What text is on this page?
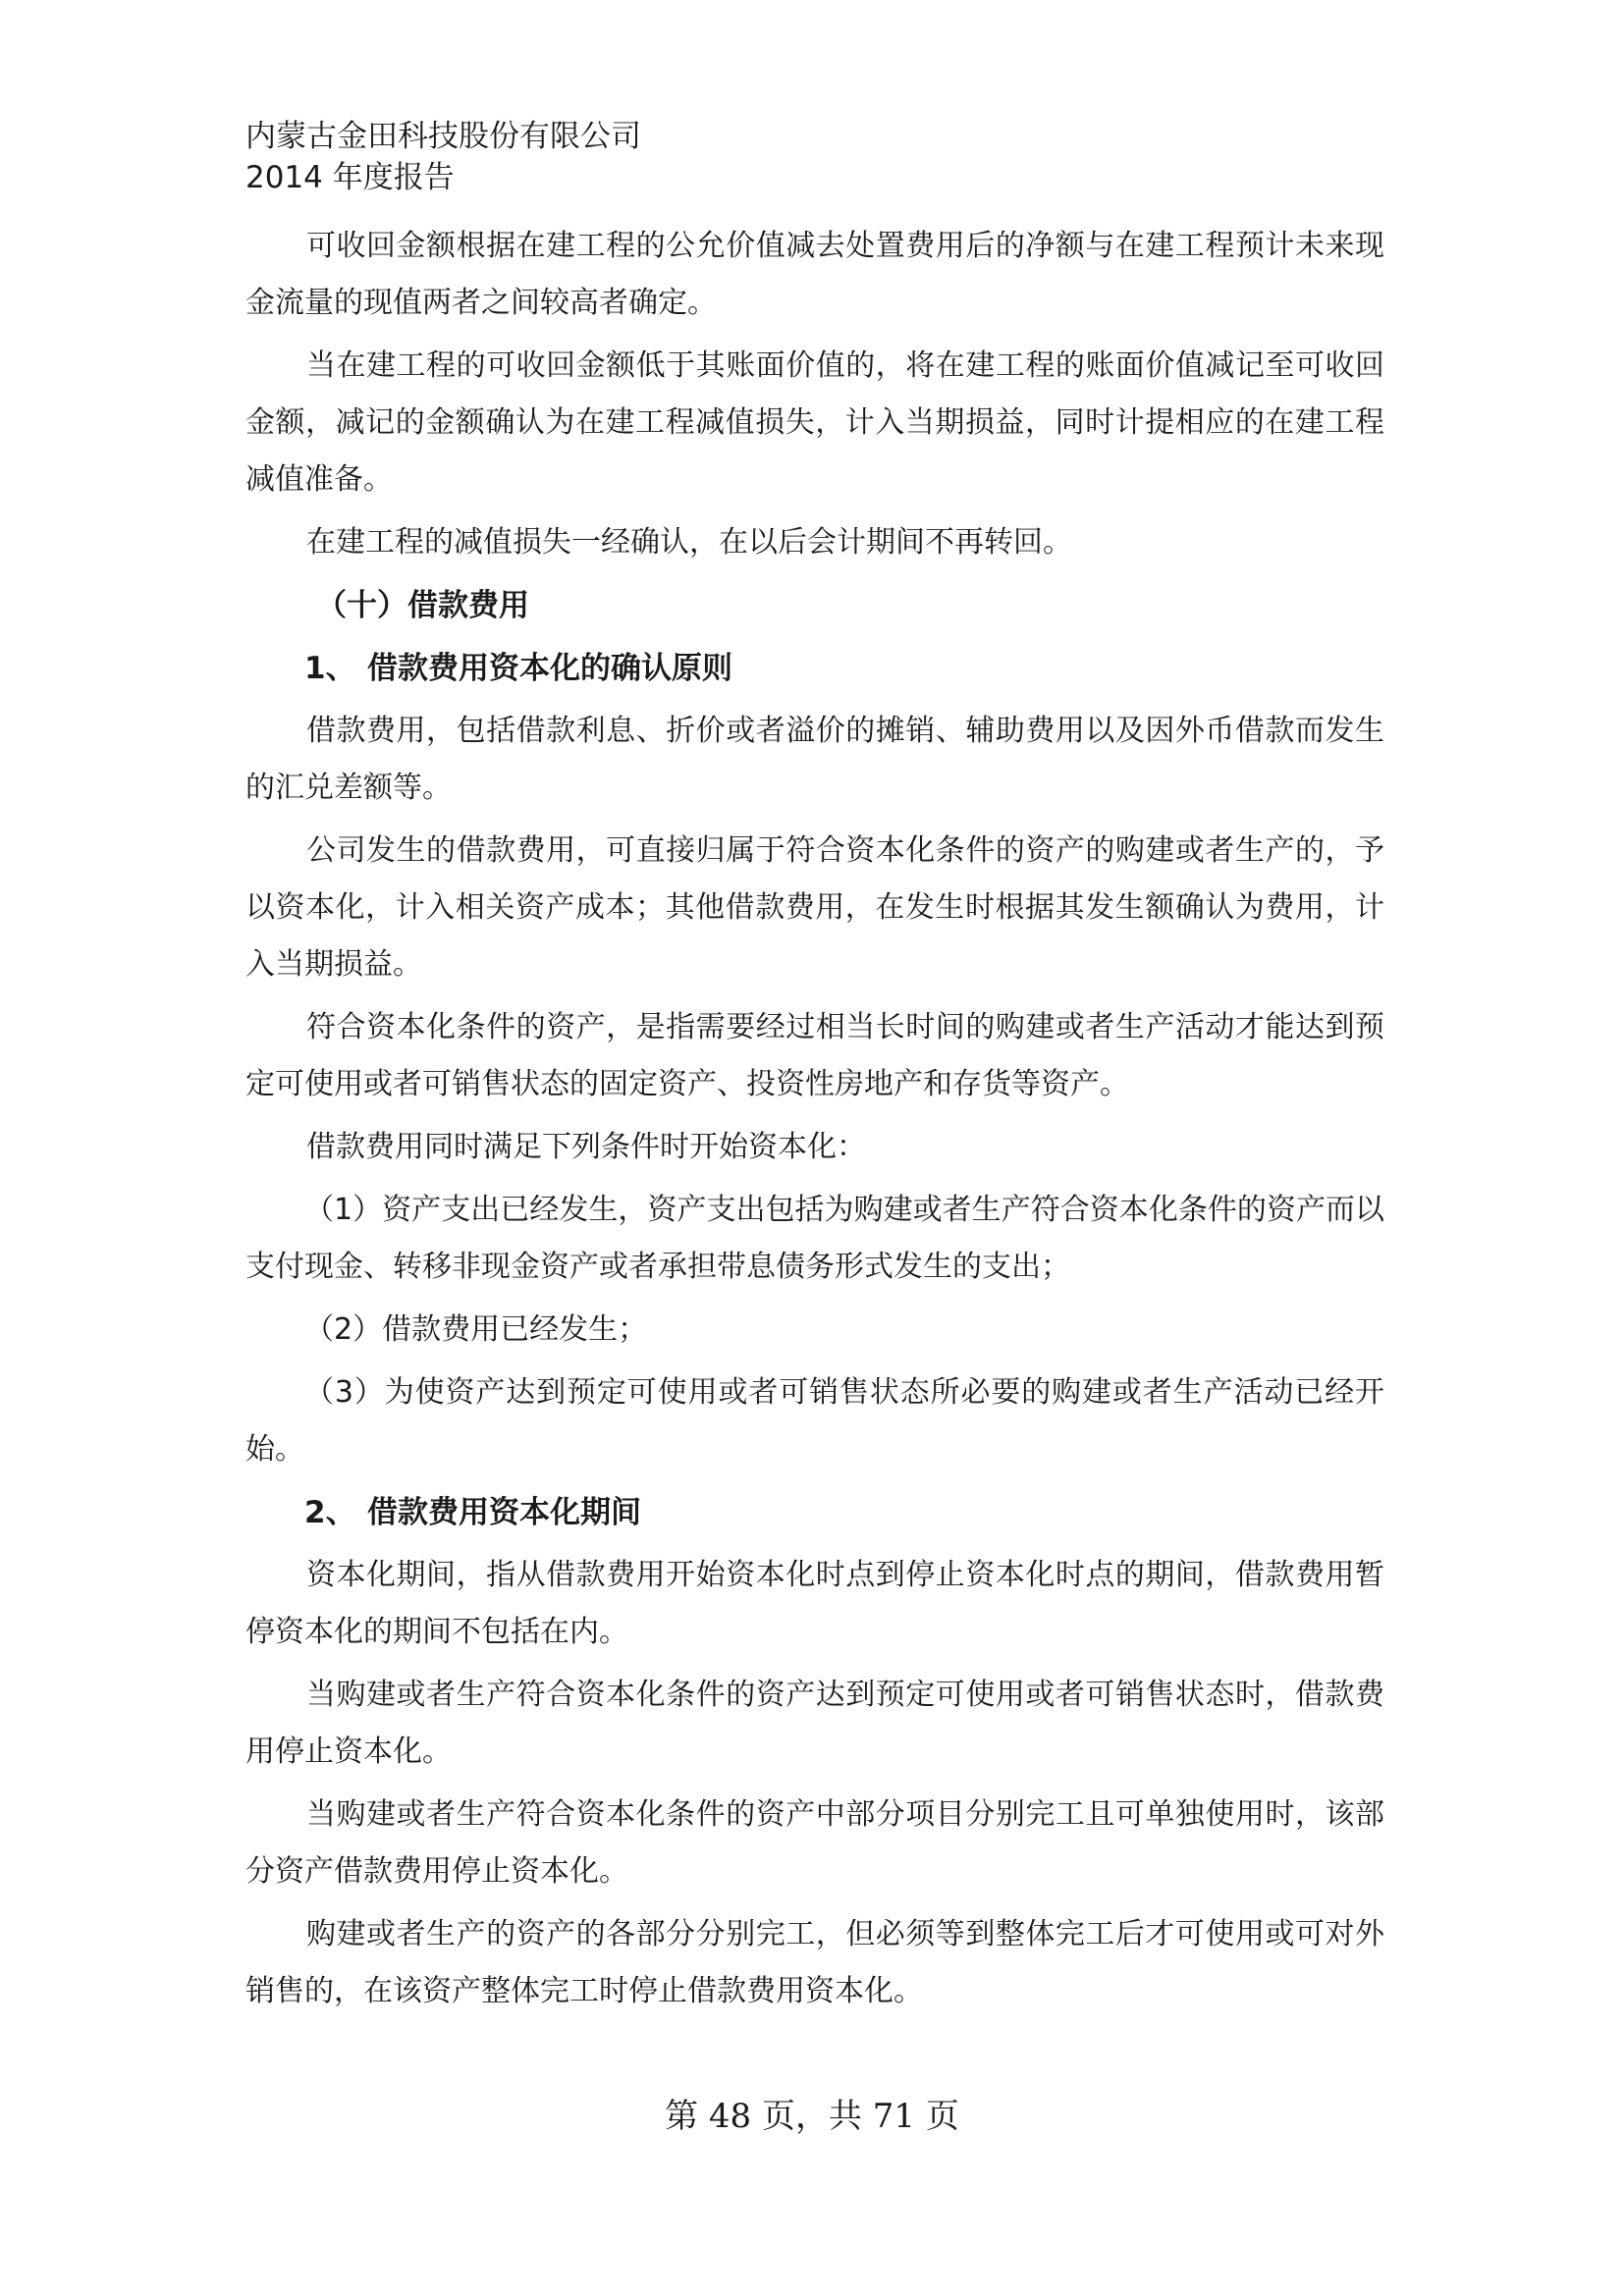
内蒙古金田科技股份有限公司
2014 年度报告

可收回金额根据在建工程的公允价值减去处置费用后的净额与在建工程预计未来现金流量的现值两者之间较高者确定。

当在建工程的可收回金额低于其账面价值的，将在建工程的账面价值减记至可收回金额，减记的金额确认为在建工程减值损失，计入当期损益，同时计提相应的在建工程减值准备。

在建工程的减值损失一经确认，在以后会计期间不再转回。

（十）借款费用
1、 借款费用资本化的确认原则

借款费用，包括借款利息、折价或者溢价的摊销、辅助费用以及因外币借款而发生的汇兑差额等。

公司发生的借款费用，可直接归属于符合资本化条件的资产的购建或者生产的，予以资本化，计入相关资产成本；其他借款费用，在发生时根据其发生额确认为费用，计入当期损益。

符合资本化条件的资产，是指需要经过相当长时间的购建或者生产活动才能达到预定可使用或者可销售状态的固定资产、投资性房地产和存货等资产。

借款费用同时满足下列条件时开始资本化：

（1）资产支出已经发生，资产支出包括为购建或者生产符合资本化条件的资产而以支付现金、转移非现金资产或者承担带息债务形式发生的支出；

（2）借款费用已经发生；

（3）为使资产达到预定可使用或者可销售状态所必要的购建或者生产活动已经开始。

2、 借款费用资本化期间

资本化期间，指从借款费用开始资本化时点到停止资本化时点的期间，借款费用暂停资本化的期间不包括在内。

当购建或者生产符合资本化条件的资产达到预定可使用或者可销售状态时，借款费用停止资本化。

当购建或者生产符合资本化条件的资产中部分项目分别完工且可单独使用时，该部分资产借款费用停止资本化。

购建或者生产的资产的各部分分别完工，但必须等到整体完工后才可使用或可对外销售的，在该资产整体完工时停止借款费用资本化。

第 48 页，共 71 页
